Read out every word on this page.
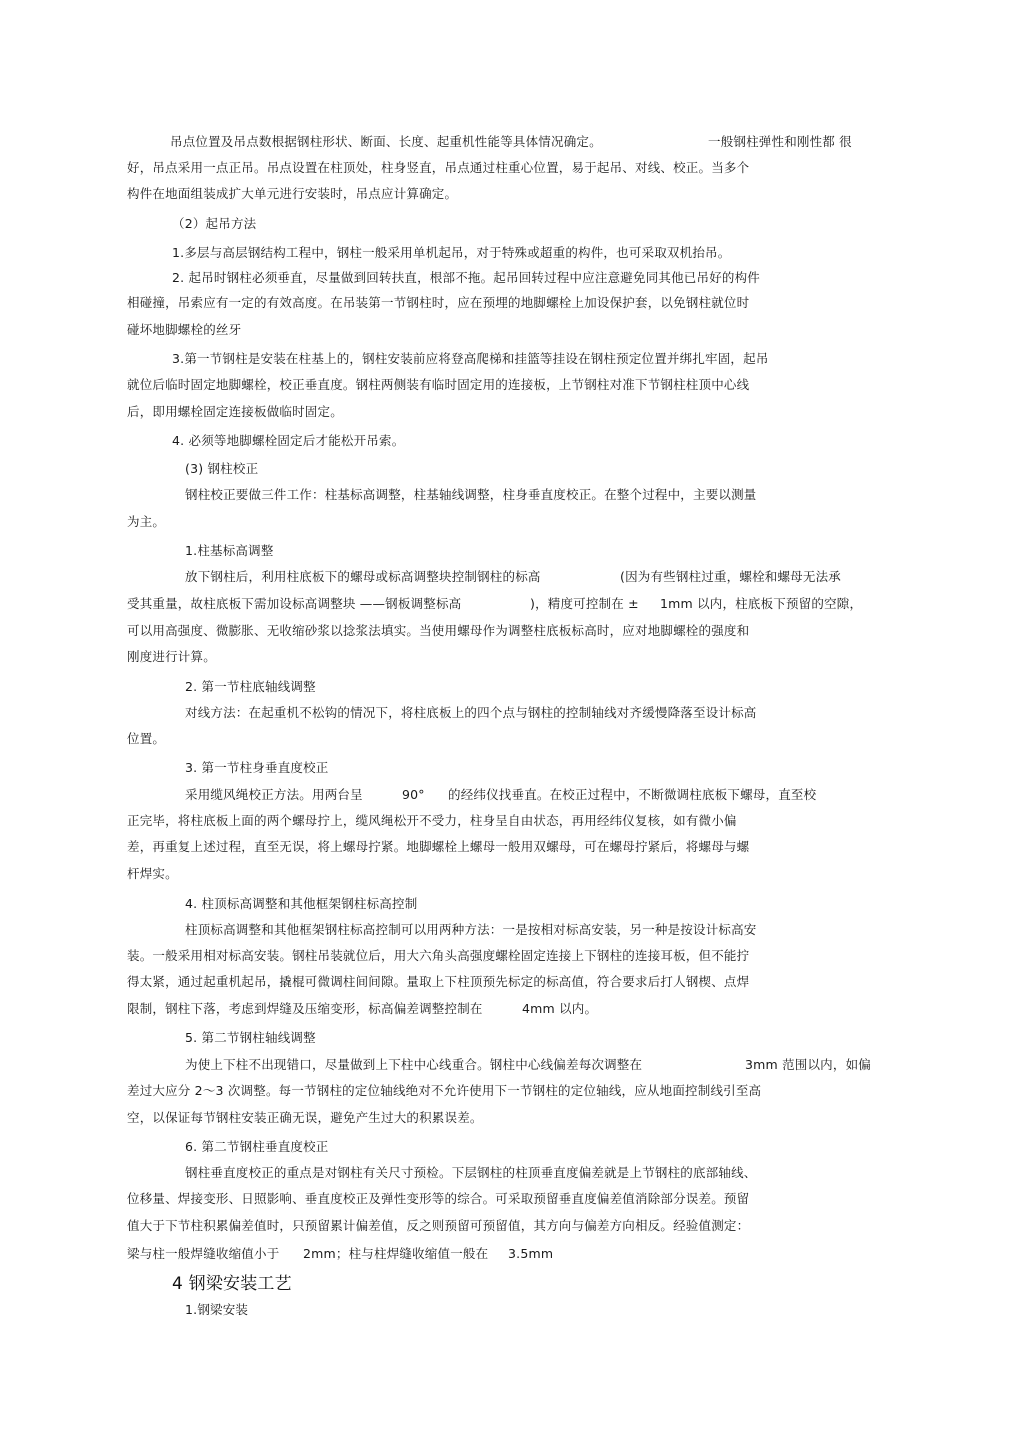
吊点位置及吊点数根据钢柱形状、断面、长度、起重机性能等具体情况确定。	一般钢柱弹性和刚性都 很
好，吊点采用一点正吊。吊点设置在柱顶处，柱身竖直，吊点通过柱重心位置，易于起吊、对线、校正。当多个
构件在地面组装成扩大单元进行安装时，吊点应计算确定。
（2）起吊方法
1.多层与高层钢结构工程中，钢柱一般采用单机起吊，对于特殊或超重的构件，也可采取双机抬吊。
2. 起吊时钢柱必须垂直，尽量做到回转扶直，根部不拖。起吊回转过程中应注意避免同其他已吊好的构件
相碰撞，吊索应有一定的有效高度。在吊装第一节钢柱时，应在预埋的地脚螺栓上加设保护套，以免钢柱就位时
碰坏地脚螺栓的丝牙
3.第一节钢柱是安装在柱基上的，钢柱安装前应将登高爬梯和挂篮等挂设在钢柱预定位置并绑扎牢固，起吊
就位后临时固定地脚螺栓，校正垂直度。钢柱两侧装有临时固定用的连接板，上节钢柱对准下节钢柱柱顶中心线
后，即用螺栓固定连接板做临时固定。
4. 必须等地脚螺栓固定后才能松开吊索。
(3) 钢柱校正
钢柱校正要做三件工作：柱基标高调整，柱基轴线调整，柱身垂直度校正。在整个过程中，主要以测量
为主。
1.柱基标高调整
放下钢柱后，利用柱底板下的螺母或标高调整块控制钢柱的标高	(因为有些钢柱过重，螺栓和螺母无法承
受其重量，故柱底板下需加设标高调整块 ——钢板调整标高	)，精度可控制在 ± 1mm 以内，柱底板下预留的空隙，
可以用高强度、微膨胀、无收缩砂浆以捻浆法填实。当使用螺母作为调整柱底板标高时，应对地脚螺栓的强度和
刚度进行计算。
2. 第一节柱底轴线调整
对线方法：在起重机不松钩的情况下，将柱底板上的四个点与钢柱的控制轴线对齐缓慢降落至设计标高
位置。
3. 第一节柱身垂直度校正
采用缆风绳校正方法。用两台呈	90° 的经纬仪找垂直。在校正过程中，不断微调柱底板下螺母，直至校
正完毕，将柱底板上面的两个螺母拧上，缆风绳松开不受力，柱身呈自由状态，再用经纬仪复核，如有微小偏
差，再重复上述过程，直至无误，将上螺母拧紧。地脚螺栓上螺母一般用双螺母，可在螺母拧紧后，将螺母与螺
杆焊实。
4. 柱顶标高调整和其他框架钢柱标高控制
柱顶标高调整和其他框架钢柱标高控制可以用两种方法：一是按相对标高安装，另一种是按设计标高安
装。一般采用相对标高安装。钢柱吊装就位后，用大六角头高强度螺栓固定连接上下钢柱的连接耳板，但不能拧
得太紧，通过起重机起吊，撬棍可微调柱间间隙。量取上下柱顶预先标定的标高值，符合要求后打人钢楔、点焊
限制，钢柱下落，考虑到焊缝及压缩变形，标高偏差调整控制在	4mm 以内。
5. 第二节钢柱轴线调整
为使上下柱不出现错口，尽量做到上下柱中心线重合。钢柱中心线偏差每次调整在	3mm 范围以内，如偏
差过大应分 2～3 次调整。每一节钢柱的定位轴线绝对不允许使用下一节钢柱的定位轴线，应从地面控制线引至高
空，以保证每节钢柱安装正确无误，避免产生过大的积累误差。
6. 第二节钢柱垂直度校正
钢柱垂直度校正的重点是对钢柱有关尺寸预检。下层钢柱的柱顶垂直度偏差就是上节钢柱的底部轴线、
位移量、焊接变形、日照影响、垂直度校正及弹性变形等的综合。可采取预留垂直度偏差值消除部分误差。预留
值大于下节柱积累偏差值时，只预留累计偏差值，反之则预留可预留值，其方向与偏差方向相反。经验值测定：
梁与柱一般焊缝收缩值小于 2mm；柱与柱焊缝收缩值一般在 3.5mm
4 钢梁安装工艺
1.钢梁安装
